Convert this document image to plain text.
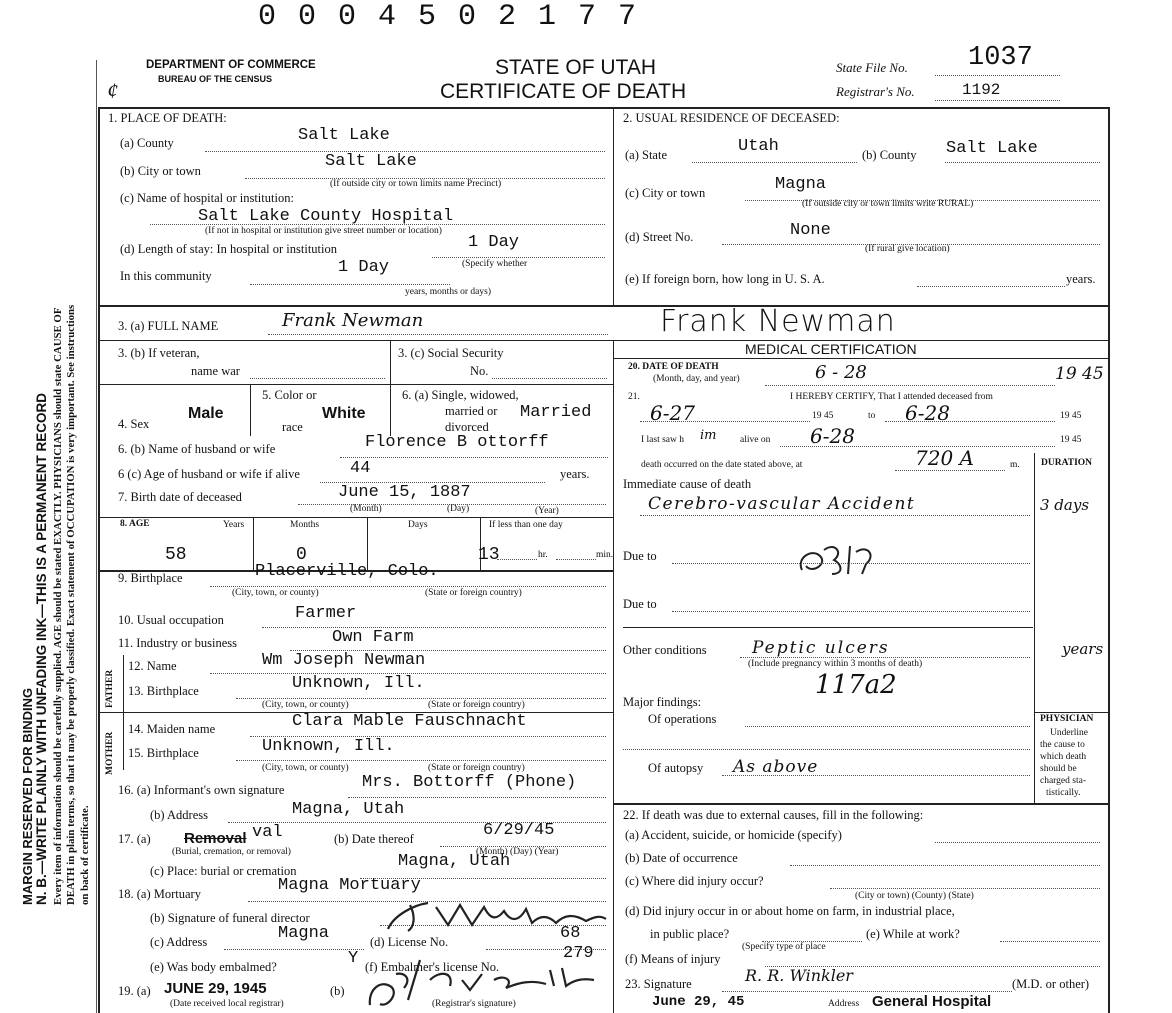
0 0 0 4 5 0 2 1 7 7
MARGIN RESERVED FOR BINDING N. B.—WRITE PLAINLY WITH UNFADING INK—THIS IS A PERMANENT RECORD Every item of information should be carefully supplied. AGE should be stated EXACTLY. PHYSICIANS should state CAUSE OF DEATH in plain terms, so that it may be properly classified. Exact statement of OCCUPATION is very important. See instructions on back of certificate.
DEPARTMENT OF COMMERCE
BUREAU OF THE CENSUS
¢
STATE OF UTAH
CERTIFICATE OF DEATH
State File No. 1037
Registrar's No.	1192
1. PLACE OF DEATH:
(a) County	Salt Lake
(b) City or town	Salt Lake
(If outside city or town limits name Precinct)
(c) Name of hospital or institution:
Salt Lake County Hospital
(If not in hospital or institution give street number or location)
(d) Length of stay: In hospital or institution	1 Day
In this community	1 Day	(Specify whether
years, months or days)
2. USUAL RESIDENCE OF DECEASED:
(a) State	Utah	(b) County Salt Lake
(c) City or town	Magna
(If outside city or town limits write RURAL)
(d) Street No.	None
(If rural give location)
(e) If foreign born, how long in U. S. A.	years.
3. (a) FULL NAME	Frank Newman	Frank Newman
3. (b) If veteran,
name war
3. (c) Social Security
No.
MEDICAL CERTIFICATION
20. DATE OF DEATH
(Month, day, and year)	6 - 28	19 45
4. Sex
Male
5. Color or
race
White
6. (a) Single, widowed,
married or
divorced
Married
21.	I HEREBY CERTIFY, That I attended deceased from
6-27	19 45	to 6-28	19 45
I last saw h im alive on 6-28	19 45
6. (b) Name of husband or wife	Florence B ottorff
6 (c) Age of husband or wife if alive	44	years.
7. Birth date of deceased	June 15, 1887
(Month)	(Day)	(Year)
death occurred on the date stated above, at	720 A	m. DURATION
Immediate cause of death
Cerebro-vascular Accident	3 days
8. AGE	Years	Months	Days	If less than one day
58	0	13	hr.	min. Due to
Due to
9. Birthplace	Placerville, Colo.
(City, town, or county)	(State or foreign country)
10. Usual occupation	Farmer
11. Industry or business	Own Farm
FATHER
MOTHER
12. Name	Wm Joseph Newman
13. Birthplace	Unknown, Ill.
(City, town, or county)	(State or foreign country)
14. Maiden name	Clara Mable Fauschnacht
15. Birthplace	Unknown, Ill.
(City, town, or county)	(State or foreign country)
Other conditions	Peptic ulcers	years
(Include pregnancy within 3 months of death)
117a2
Major findings:
Of operations
Of autopsy As above
PHYSICIAN
Underline
the cause to
which death
should be
charged sta-
tistically.
16. (a) Informant's own signature	Mrs. Bottorff (Phone)
(b) Address	Magna, Utah
17. (a) Removal val	(b) Date thereof	6/29/45
(Burial, cremation, or removal)	(Month) (Day) (Year)
(c) Place: burial or cremation	Magna, Utah
18. (a) Mortuary	Magna Mortuary
(b) Signature of funeral director
(c) Address	Magna	(d) License No.	68
(e) Was body embalmed?	Y (f) Embalmer's license No.
279
19. (a) JUNE 29, 1945	(b)
(Date received local registrar)	(Registrar's signature)
22. If death was due to external causes, fill in the following:
(a) Accident, suicide, or homicide (specify)
(b) Date of occurrence
(c) Where did injury occur?
(City or town) (County) (State)
(d) Did injury occur in or about home on farm, in industrial place,
in public place?
(Specify type of place
(e) While at work?
(f) Means of injury
23. Signature	R. R. Winkler	(M.D. or other)
June 29, 45	Address General Hospital
